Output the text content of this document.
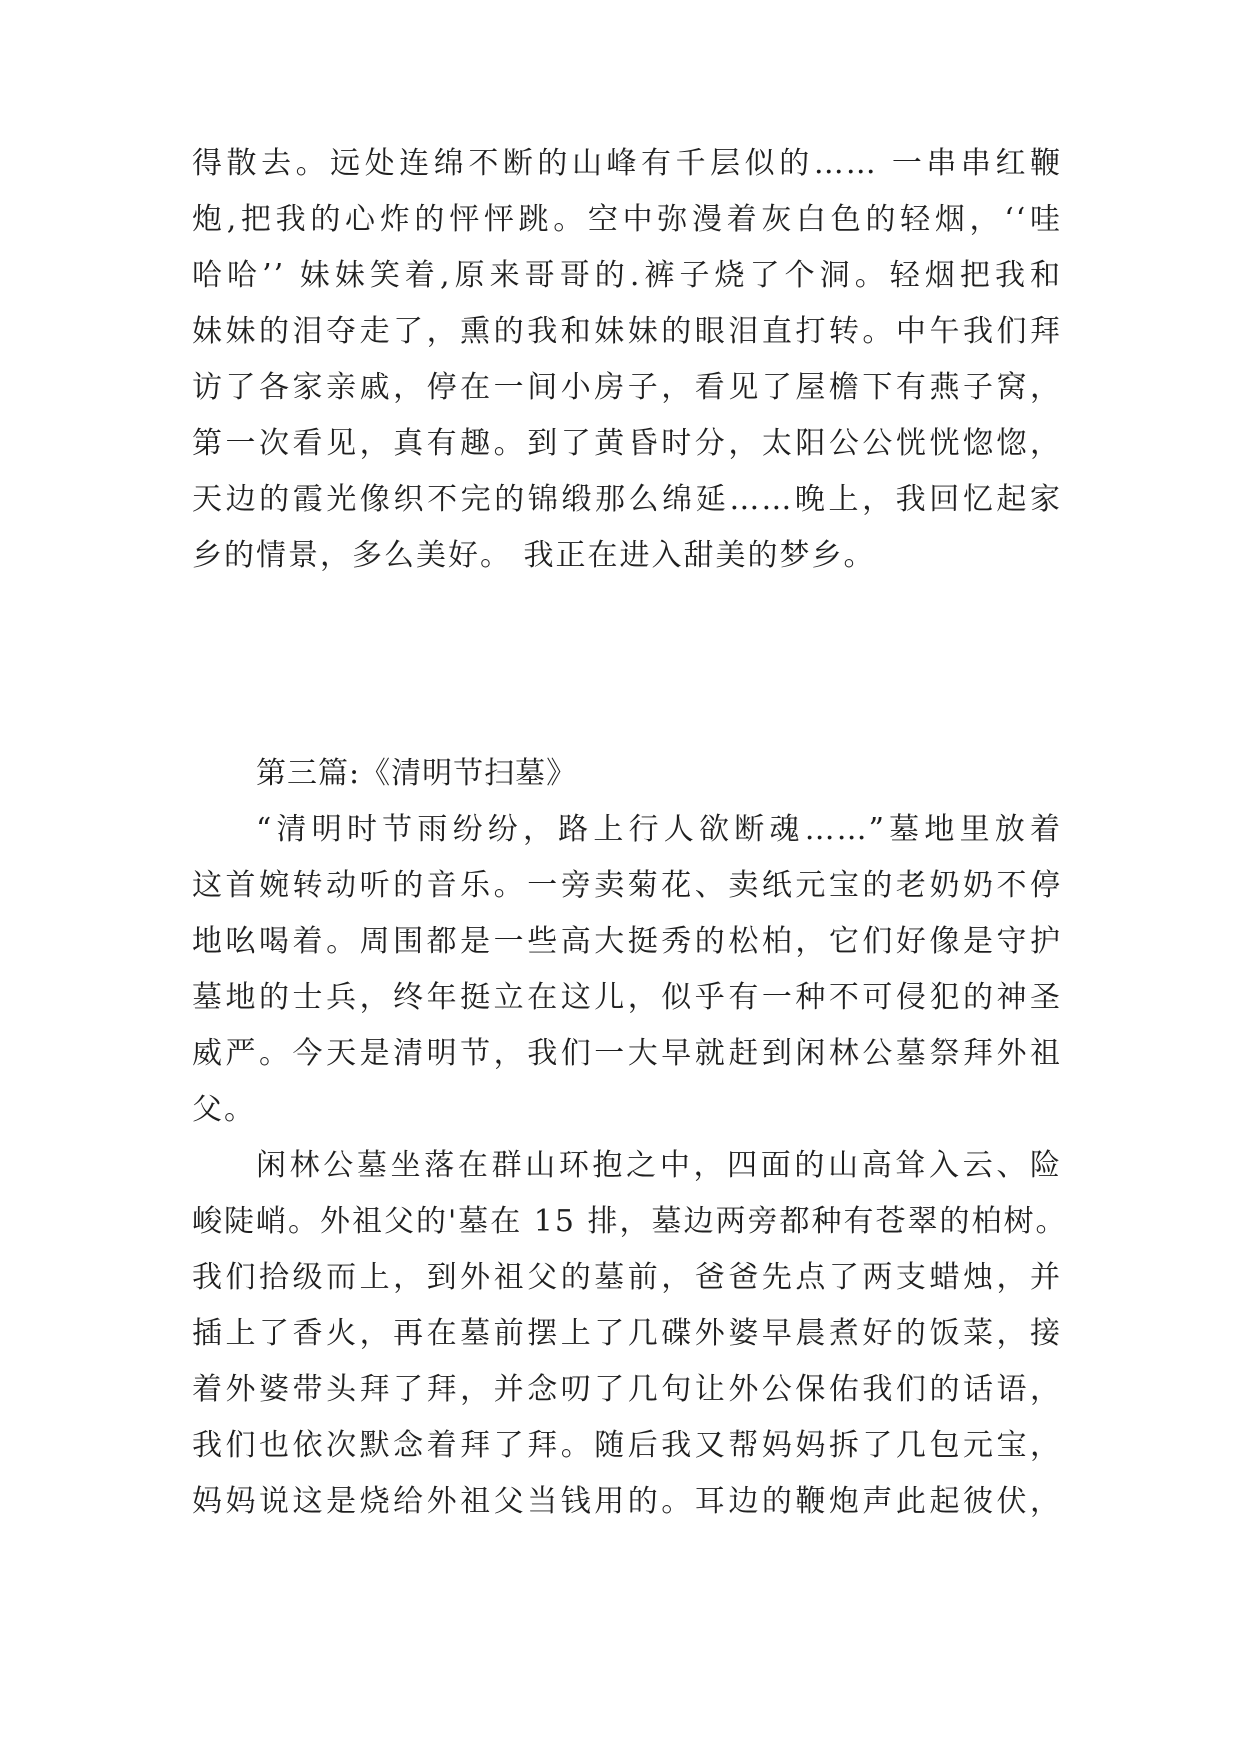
得散去。远处连绵不断的山峰有千层似的…… 一串串红鞭
炮,把我的心炸的怦怦跳。空中弥漫着灰白色的轻烟，‘‘哇
哈哈’’ 妹妹笑着,原来哥哥的.裤子烧了个洞。轻烟把我和
妹妹的泪夺走了，熏的我和妹妹的眼泪直打转。中午我们拜
访了各家亲戚，停在一间小房子，看见了屋檐下有燕子窝，
第一次看见，真有趣。到了黄昏时分，太阳公公恍恍惚惚，
天边的霞光像织不完的锦缎那么绵延……晚上，我回忆起家
乡的情景，多么美好。 我正在进入甜美的梦乡。
第三篇:《清明节扫墓》
“清明时节雨纷纷，路上行人欲断魂……”墓地里放着
这首婉转动听的音乐。一旁卖菊花、卖纸元宝的老奶奶不停
地吆喝着。周围都是一些高大挺秀的松柏，它们好像是守护
墓地的士兵，终年挺立在这儿，似乎有一种不可侵犯的神圣
威严。今天是清明节，我们一大早就赶到闲林公墓祭拜外祖
父。
闲林公墓坐落在群山环抱之中，四面的山高耸入云、险
峻陡峭。外祖父的'墓在 15 排，墓边两旁都种有苍翠的柏树。
我们拾级而上，到外祖父的墓前，爸爸先点了两支蜡烛，并
插上了香火，再在墓前摆上了几碟外婆早晨煮好的饭菜，接
着外婆带头拜了拜，并念叨了几句让外公保佑我们的话语，
我们也依次默念着拜了拜。随后我又帮妈妈拆了几包元宝，
妈妈说这是烧给外祖父当钱用的。耳边的鞭炮声此起彼伏，
